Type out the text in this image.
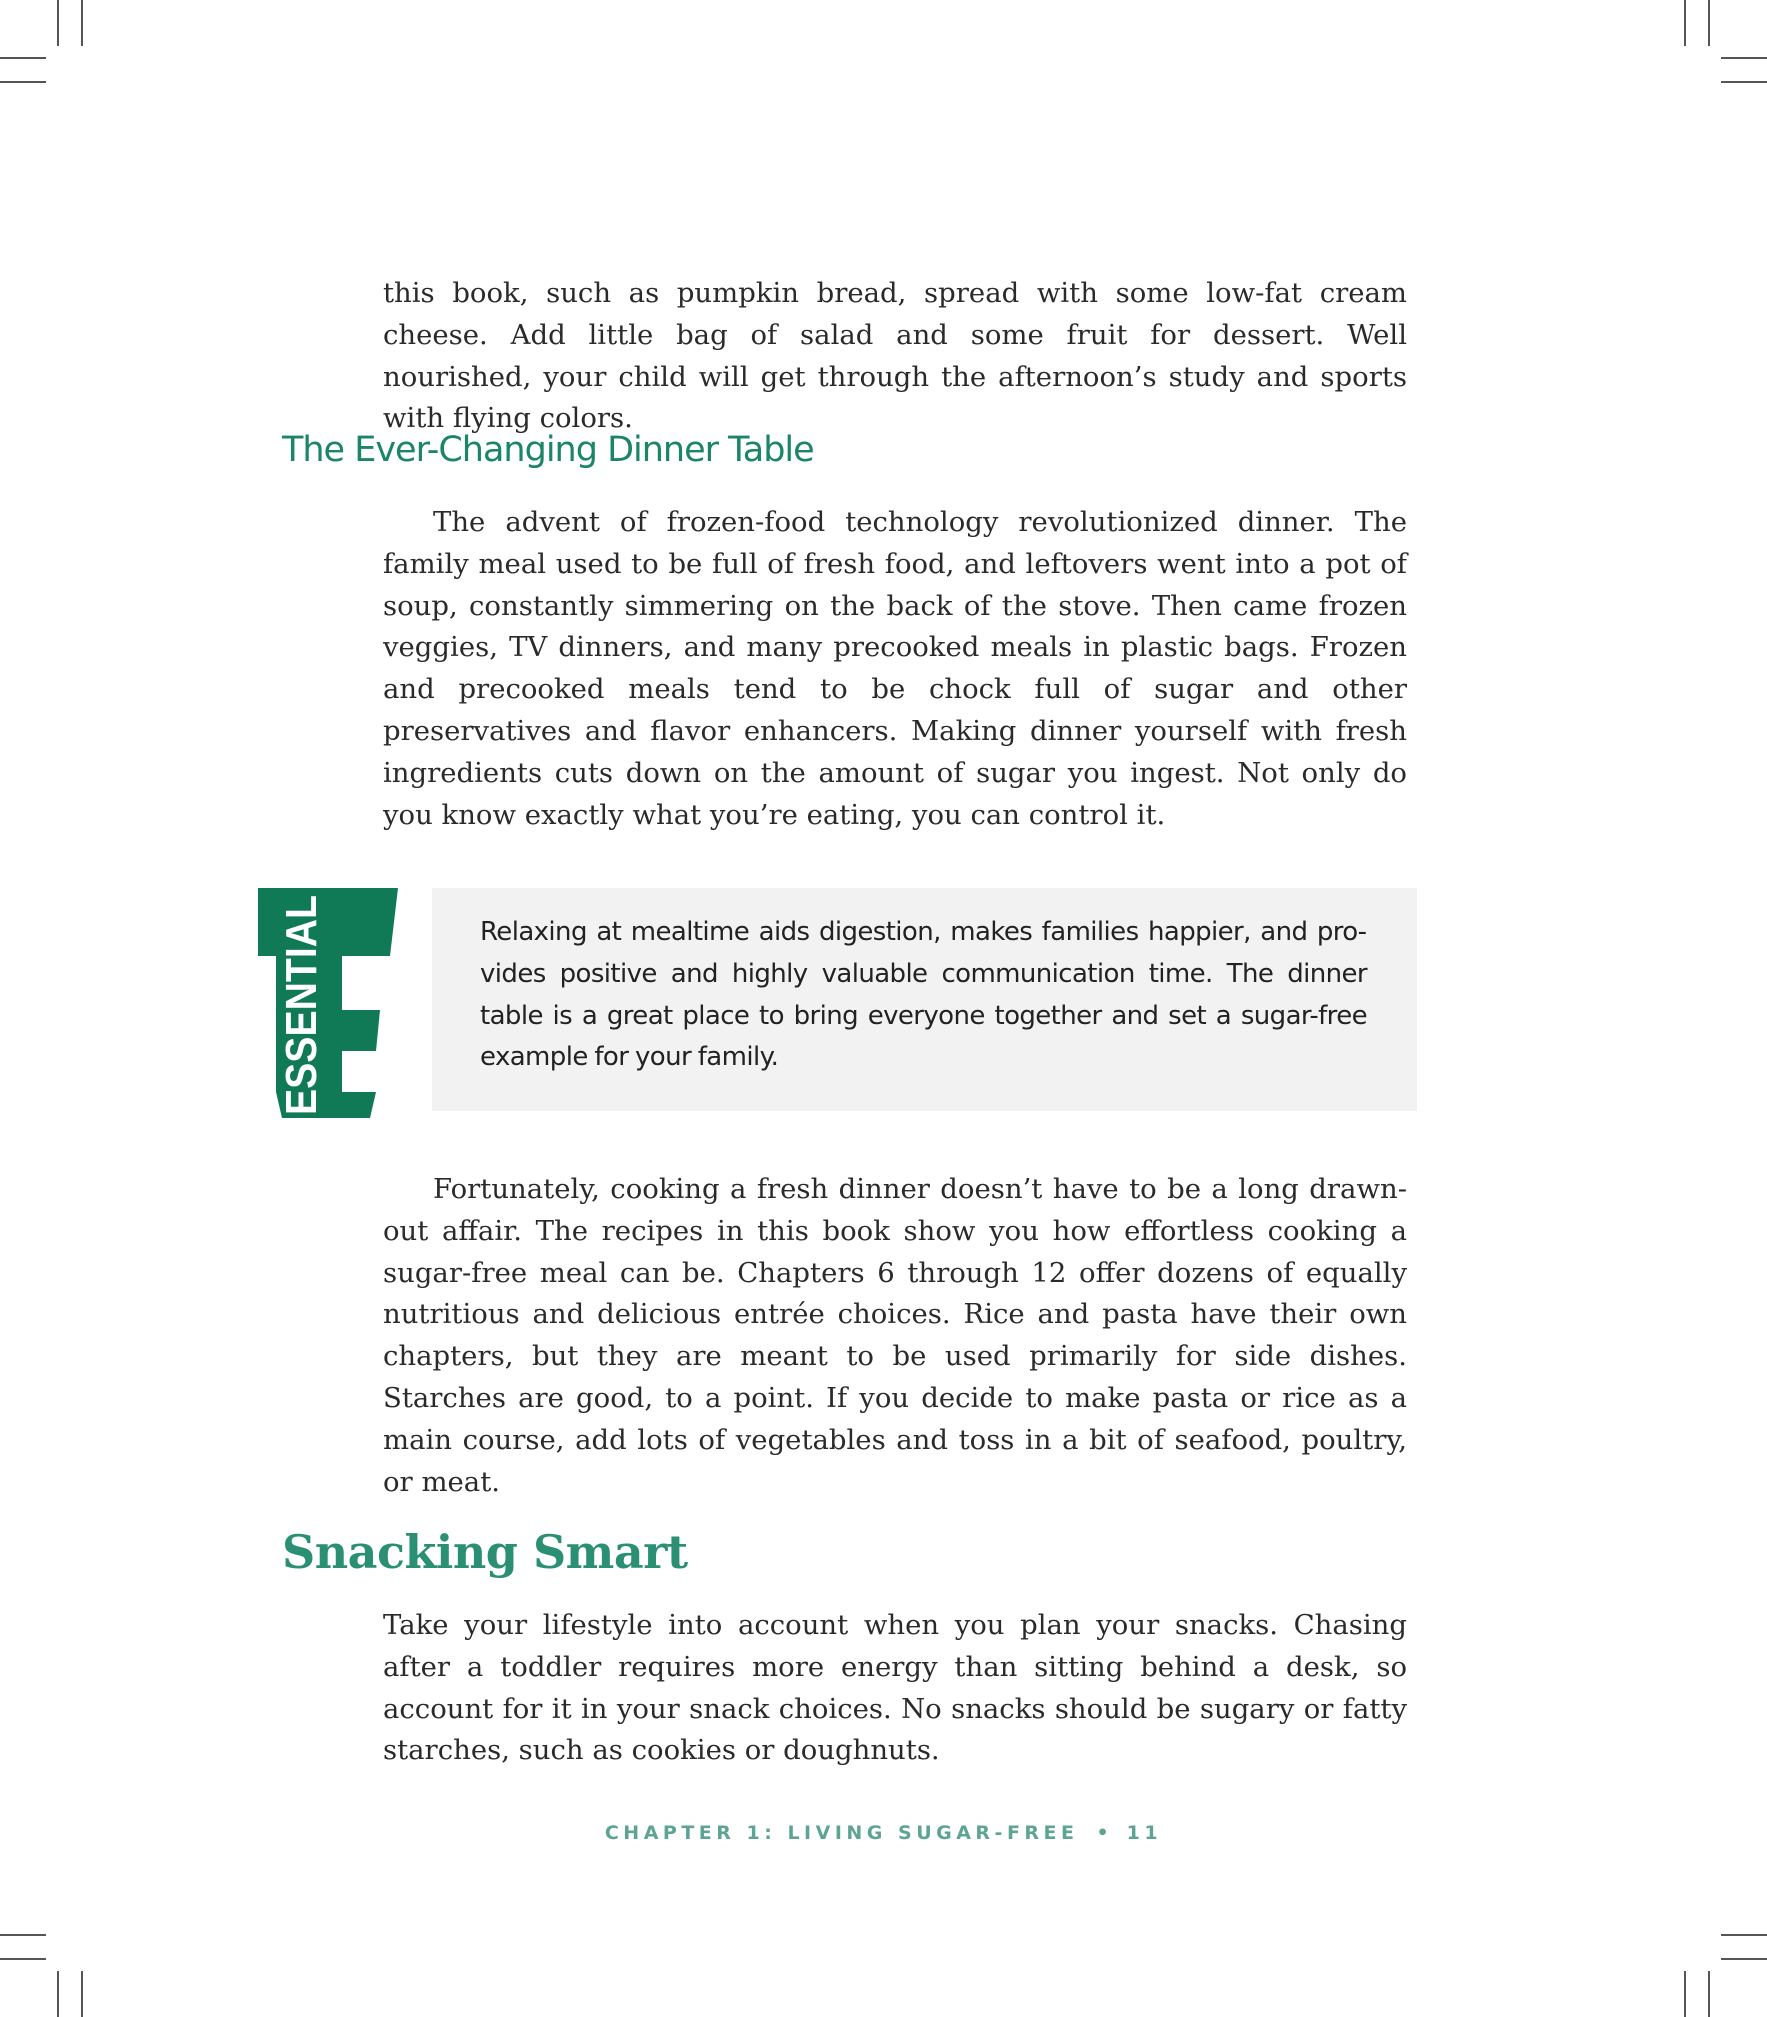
this book, such as pumpkin bread, spread with some low-fat cream cheese. Add little bag of salad and some fruit for dessert. Well nourished, your child will get through the afternoon’s study and sports with flying colors.

The Ever-Changing Dinner Table

The advent of frozen-food technology revolutionized dinner. The family meal used to be full of fresh food, and leftovers went into a pot of soup, constantly simmering on the back of the stove. Then came frozen veggies, TV dinners, and many precooked meals in plastic bags. Frozen and precooked meals tend to be chock full of sugar and other preservatives and flavor enhancers. Making dinner yourself with fresh ingredients cuts down on the amount of sugar you ingest. Not only do you know exactly what you’re eating, you can control it.

ESSENTIAL	Relaxing at mealtime aids digestion, makes families happier, and provides positive and highly valuable communication time. The dinner table is a great place to bring everyone together and set a sugar-free example for your family.

Fortunately, cooking a fresh dinner doesn’t have to be a long drawn-out affair. The recipes in this book show you how effortless cooking a sugar-free meal can be. Chapters 6 through 12 offer dozens of equally nutritious and delicious entrée choices. Rice and pasta have their own chapters, but they are meant to be used primarily for side dishes. Starches are good, to a point. If you decide to make pasta or rice as a main course, add lots of vegetables and toss in a bit of seafood, poultry, or meat.

Snacking Smart

Take your lifestyle into account when you plan your snacks. Chasing after a toddler requires more energy than sitting behind a desk, so account for it in your snack choices. No snacks should be sugary or fatty starches, such as cookies or doughnuts.

CHAPTER 1: LIVING SUGAR-FREE • 11
